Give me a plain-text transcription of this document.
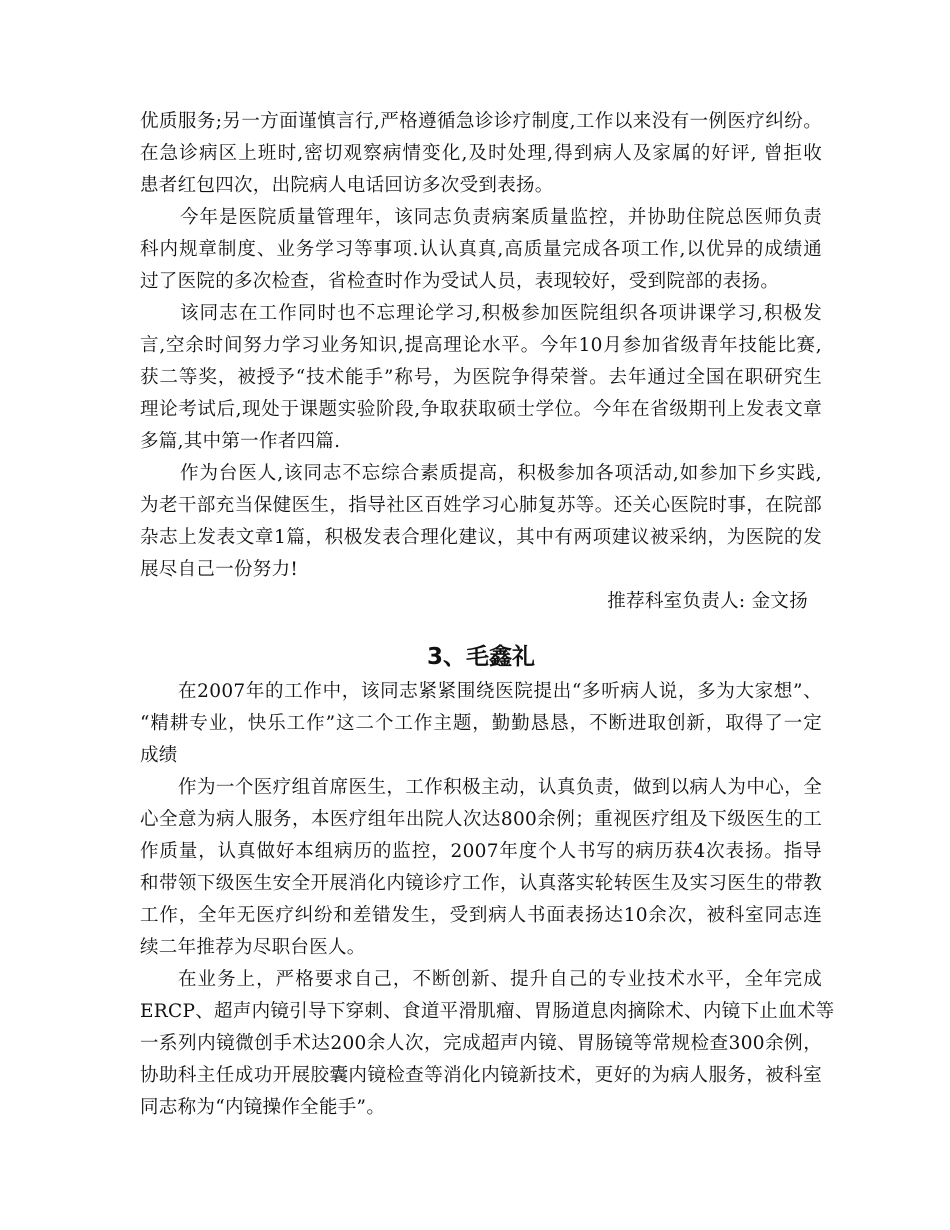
优质服务;另一方面谨慎言行,严格遵循急诊诊疗制度,工作以来没有一例医疗纠纷。
在急诊病区上班时,密切观察病情变化,及时处理,得到病人及家属的好评, 曾拒收
患者红包四次，出院病人电话回访多次受到表扬。
今年是医院质量管理年，该同志负责病案质量监控，并协助住院总医师负责
科内规章制度、业务学习等事项.认认真真,高质量完成各项工作,以优异的成绩通
过了医院的多次检查，省检查时作为受试人员，表现较好，受到院部的表扬。
该同志在工作同时也不忘理论学习,积极参加医院组织各项讲课学习,积极发
言,空余时间努力学习业务知识,提高理论水平。今年10月参加省级青年技能比赛,
获二等奖，被授予“技术能手”称号，为医院争得荣誉。去年通过全国在职研究生
理论考试后,现处于课题实验阶段,争取获取硕士学位。今年在省级期刊上发表文章
多篇,其中第一作者四篇.
作为台医人,该同志不忘综合素质提高，积极参加各项活动,如参加下乡实践,
为老干部充当保健医生，指导社区百姓学习心肺复苏等。还关心医院时事，在院部
杂志上发表文章1篇，积极发表合理化建议，其中有两项建议被采纳，为医院的发
展尽自己一份努力!
推荐科室负责人: 金文扬
3、毛鑫礼
在2007年的工作中，该同志紧紧围绕医院提出“多听病人说，多为大家想”、
“精耕专业，快乐工作”这二个工作主题，勤勤恳恳，不断进取创新，取得了一定
成绩
作为一个医疗组首席医生，工作积极主动，认真负责，做到以病人为中心，全
心全意为病人服务，本医疗组年出院人次达800余例；重视医疗组及下级医生的工
作质量，认真做好本组病历的监控，2007年度个人书写的病历获4次表扬。指导
和带领下级医生安全开展消化内镜诊疗工作，认真落实轮转医生及实习医生的带教
工作，全年无医疗纠纷和差错发生，受到病人书面表扬达10余次，被科室同志连
续二年推荐为尽职台医人。
在业务上，严格要求自己，不断创新、提升自己的专业技术水平，全年完成
ERCP、超声内镜引导下穿刺、食道平滑肌瘤、胃肠道息肉摘除术、内镜下止血术等
一系列内镜微创手术达200余人次，完成超声内镜、胃肠镜等常规检查300余例，
协助科主任成功开展胶囊内镜检查等消化内镜新技术，更好的为病人服务，被科室
同志称为“内镜操作全能手”。
